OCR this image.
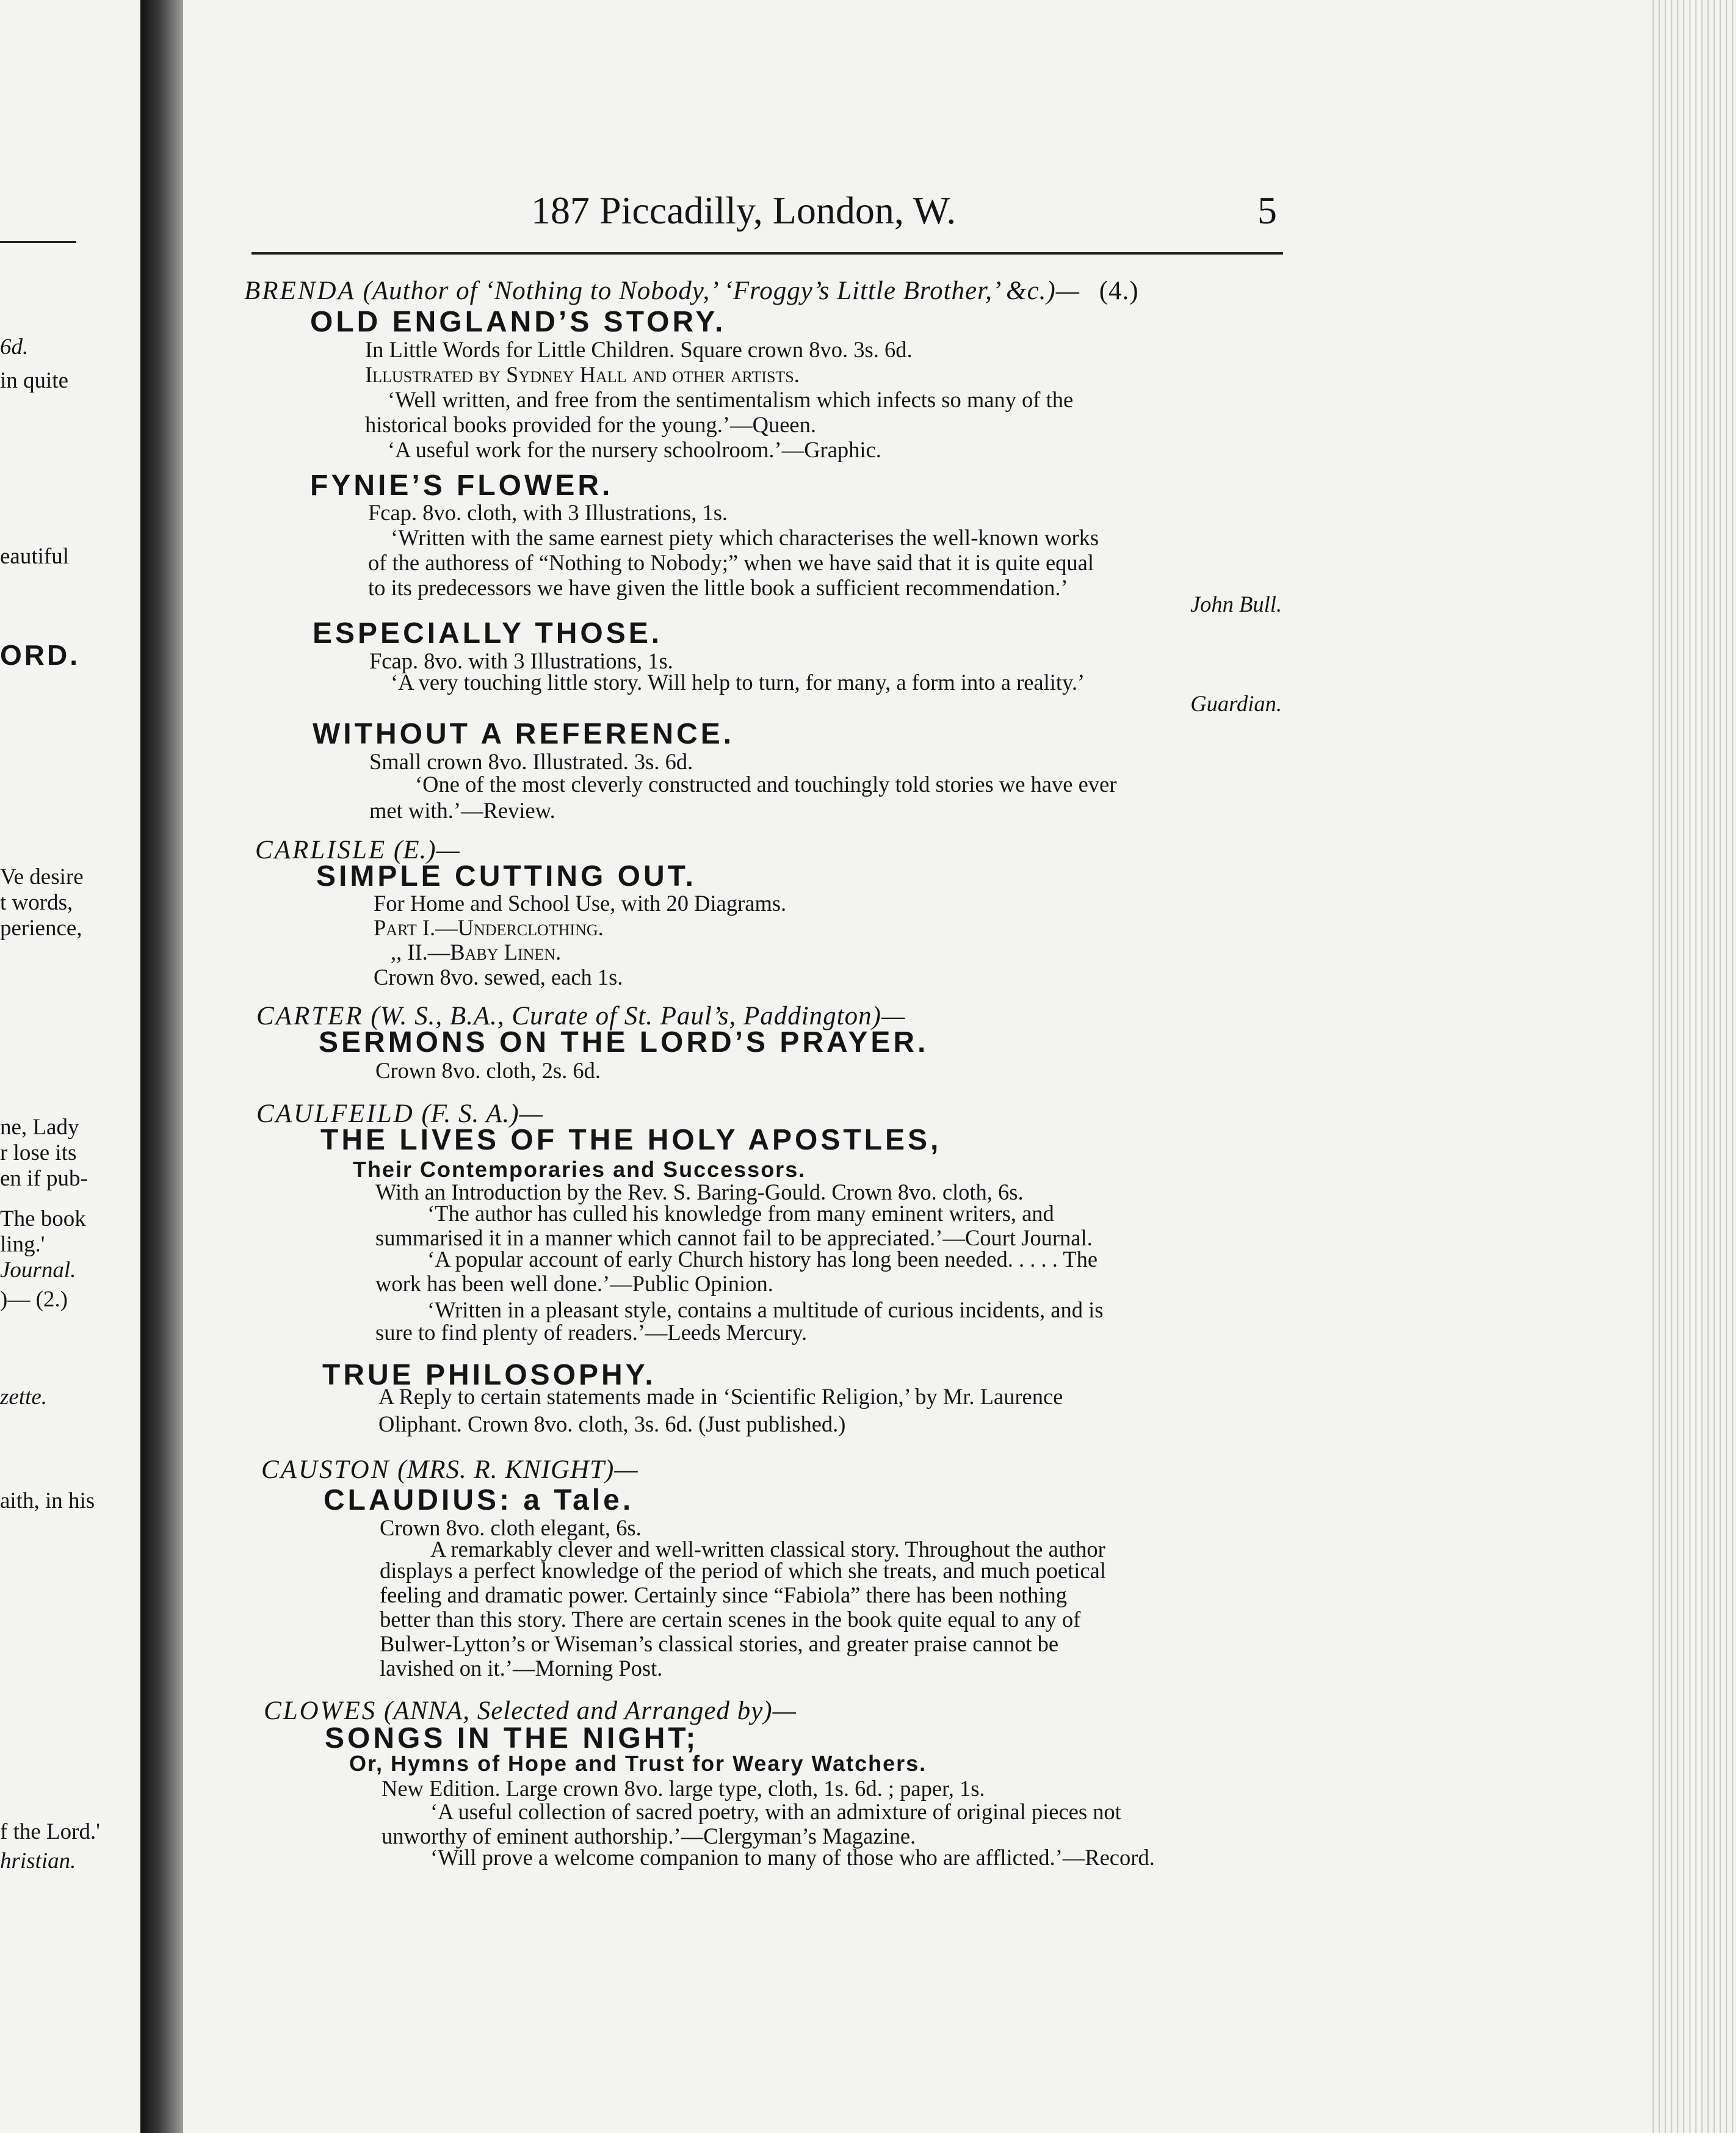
6d.
in quite
eautiful
ORD.
Ve desire
t words,
perience,
ne, Lady
r lose its
en if pub-
The book
ling.'
Journal.
)— (2.)
zette.
aith, in his
f the Lord.'
hristian.
187 Piccadilly, London, W.	5
BRENDA (Author of ‘Nothing to Nobody,’ ‘Froggy’s Little Brother,’ &c.)— (4.)
OLD ENGLAND’S STORY.
In Little Words for Little Children. Square crown 8vo. 3s. 6d.
Illustrated by Sydney Hall and other artists.
‘Well written, and free from the sentimentalism which infects so many of the
historical books provided for the young.’—Queen.
‘A useful work for the nursery schoolroom.’—Graphic.
FYNIE’S FLOWER.
Fcap. 8vo. cloth, with 3 Illustrations, 1s.
‘Written with the same earnest piety which characterises the well-known works
of the authoress of “Nothing to Nobody;” when we have said that it is quite equal
to its predecessors we have given the little book a sufficient recommendation.’
John Bull.
ESPECIALLY THOSE.
Fcap. 8vo. with 3 Illustrations, 1s.
‘A very touching little story. Will help to turn, for many, a form into a reality.’
Guardian.
WITHOUT A REFERENCE.
Small crown 8vo. Illustrated. 3s. 6d.
‘One of the most cleverly constructed and touchingly told stories we have ever
met with.’—Review.
CARLISLE (E.)—
SIMPLE CUTTING OUT.
For Home and School Use, with 20 Diagrams.
Part I.—Underclothing.
,, II.—Baby Linen.
Crown 8vo. sewed, each 1s.
CARTER (W. S., B.A., Curate of St. Paul’s, Paddington)—
SERMONS ON THE LORD’S PRAYER.
Crown 8vo. cloth, 2s. 6d.
CAULFEILD (F. S. A.)—
THE LIVES OF THE HOLY APOSTLES,
Their Contemporaries and Successors.
With an Introduction by the Rev. S. Baring-Gould. Crown 8vo. cloth, 6s.
‘The author has culled his knowledge from many eminent writers, and
summarised it in a manner which cannot fail to be appreciated.’—Court Journal.
‘A popular account of early Church history has long been needed. . . . . The
work has been well done.’—Public Opinion.
‘Written in a pleasant style, contains a multitude of curious incidents, and is
sure to find plenty of readers.’—Leeds Mercury.
TRUE PHILOSOPHY.
A Reply to certain statements made in ‘Scientific Religion,’ by Mr. Laurence
Oliphant. Crown 8vo. cloth, 3s. 6d. (Just published.)
CAUSTON (MRS. R. KNIGHT)—
CLAUDIUS: a Tale.
Crown 8vo. cloth elegant, 6s.
A remarkably clever and well-written classical story. Throughout the author
displays a perfect knowledge of the period of which she treats, and much poetical
feeling and dramatic power. Certainly since “Fabiola” there has been nothing
better than this story. There are certain scenes in the book quite equal to any of
Bulwer-Lytton’s or Wiseman’s classical stories, and greater praise cannot be
lavished on it.’—Morning Post.
CLOWES (ANNA, Selected and Arranged by)—
SONGS IN THE NIGHT;
Or, Hymns of Hope and Trust for Weary Watchers.
New Edition. Large crown 8vo. large type, cloth, 1s. 6d. ; paper, 1s.
‘A useful collection of sacred poetry, with an admixture of original pieces not
unworthy of eminent authorship.’—Clergyman’s Magazine.
‘Will prove a welcome companion to many of those who are afflicted.’—Record.
